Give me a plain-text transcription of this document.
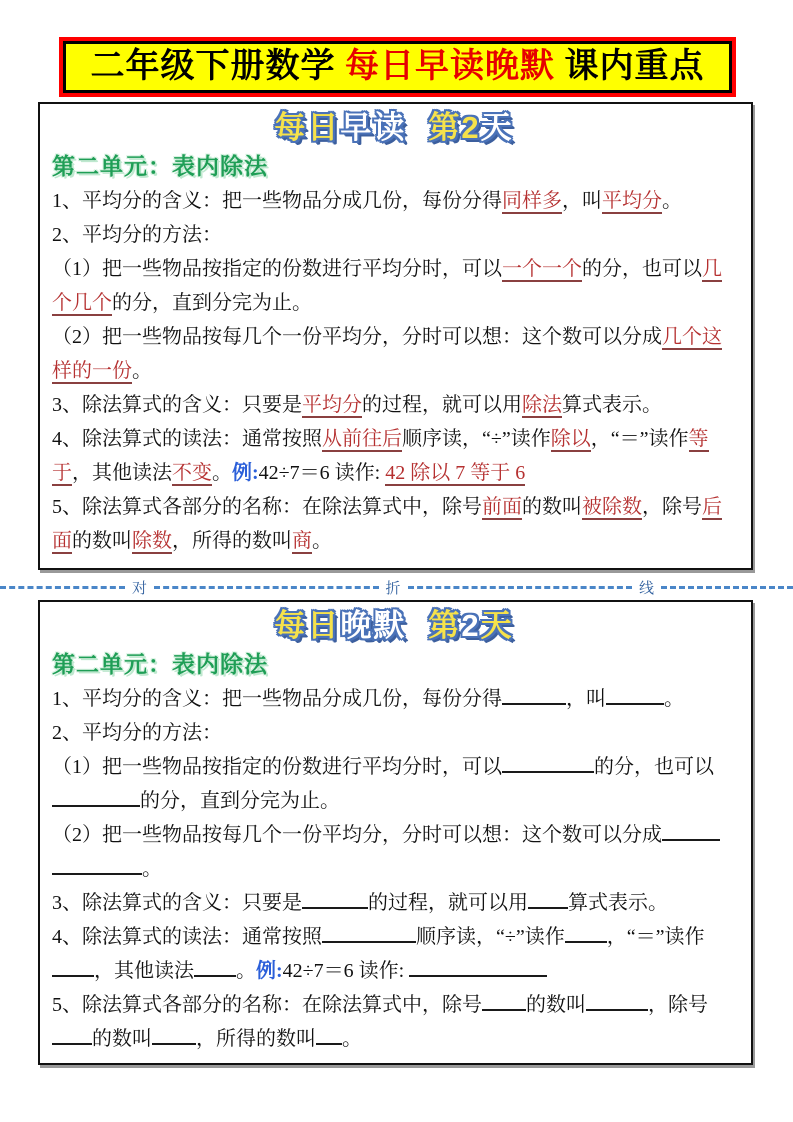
二年级下册数学 每日早读晚默 课内重点
每日早读 第2天
第二单元：表内除法

1、平均分的含义：把一些物品分成几份，每份分得同样多，叫平均分。

2、平均分的方法：

（1）把一些物品按指定的份数进行平均分时，可以一个一个的分，也可以几个几个的分，直到分完为止。

（2）把一些物品按每几个一份平均分，分时可以想：这个数可以分成几个这样的一份。

3、除法算式的含义：只要是平均分的过程，就可以用除法算式表示。

4、除法算式的读法：通常按照从前往后顺序读，“÷”读作除以，“＝”读作等于，其他读法不变。例:42÷7＝6 读作: 42 除以 7 等于 6

5、除法算式各部分的名称：在除法算式中，除号前面的数叫被除数，除号后面的数叫除数，所得的数叫商。

对	折	线
每日晚默 第2天
第二单元：表内除法

1、平均分的含义：把一些物品分成几份，每份分得	，叫	。

2、平均分的方法：

（1）把一些物品按指定的份数进行平均分时，可以	的分，也可以的分，直到分完为止。

（2）把一些物品按每几个一份平均分，分时可以想：这个数可以分成。

3、除法算式的含义：只要是	的过程，就可以用 算式表示。

4、除法算式的读法：通常按照	顺序读，“÷”读作 ，“＝”读作，其他读法 。例:42÷7＝6 读作:

5、除法算式各部分的名称：在除法算式中，除号 的数叫	，除号的数叫 ，所得的数叫 。
